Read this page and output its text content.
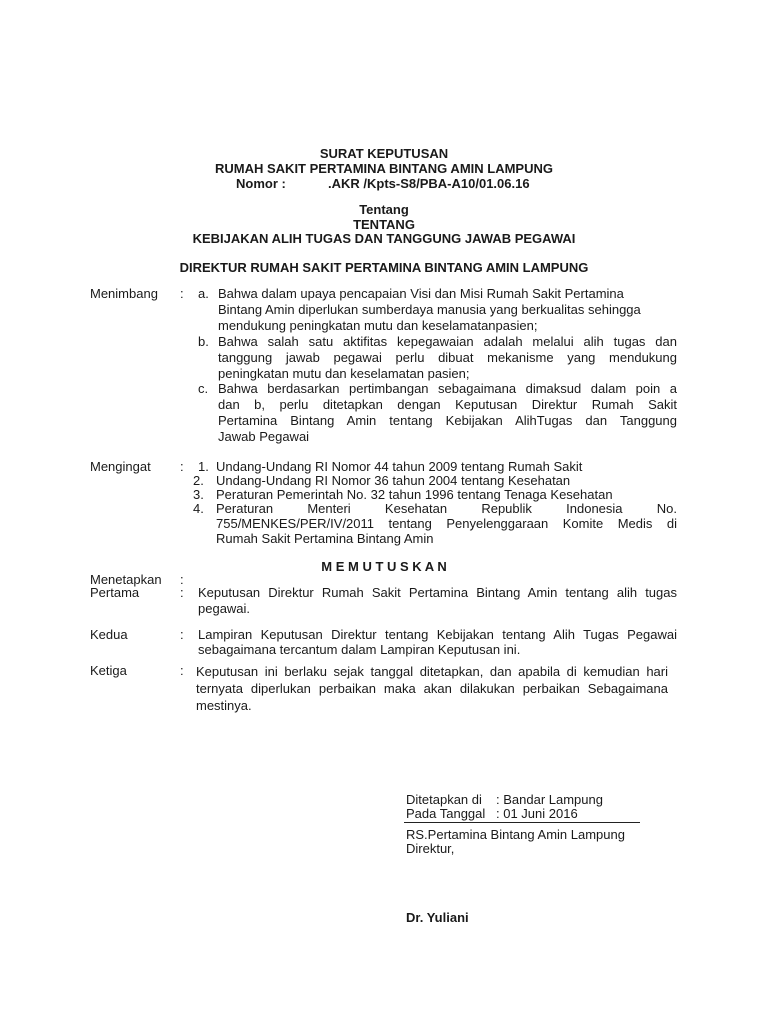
SURAT KEPUTUSAN
RUMAH SAKIT PERTAMINA BINTANG AMIN LAMPUNG
Nomor :	.AKR /Kpts-S8/PBA-A10/01.06.16
Tentang
TENTANG
KEBIJAKAN ALIH TUGAS DAN TANGGUNG JAWAB PEGAWAI
DIREKTUR RUMAH SAKIT PERTAMINA BINTANG AMIN LAMPUNG
Menimbang : a. Bahwa dalam upaya pencapaian Visi dan Misi Rumah Sakit Pertamina
Bintang Amin diperlukan sumberdaya manusia yang berkualitas sehingga
mendukung peningkatan mutu dan keselamatanpasien;
b. Bahwa salah satu aktifitas kepegawaian adalah melalui alih tugas dan
tanggung jawab pegawai perlu dibuat mekanisme yang mendukung
peningkatan mutu dan keselamatan pasien;
c. Bahwa berdasarkan pertimbangan sebagaimana dimaksud dalam poin a
dan b, perlu ditetapkan dengan Keputusan Direktur Rumah Sakit
Pertamina Bintang Amin tentang Kebijakan AlihTugas dan Tanggung
Jawab Pegawai
Mengingat : 1. Undang-Undang RI Nomor 44 tahun 2009 tentang Rumah Sakit
2. Undang-Undang RI Nomor 36 tahun 2004 tentang Kesehatan
3. Peraturan Pemerintah No. 32 tahun 1996 tentang Tenaga Kesehatan
4. Peraturan Menteri Kesehatan Republik Indonesia No.
755/MENKES/PER/IV/2011 tentang Penyelenggaraan Komite Medis di
Rumah Sakit Pertamina Bintang Amin
M E M U T U S K A N
Menetapkan :
Pertama	: Keputusan Direktur Rumah Sakit Pertamina Bintang Amin tentang alih tugas
pegawai.
Kedua	: Lampiran Keputusan Direktur tentang Kebijakan tentang Alih Tugas Pegawai
sebagaimana tercantum dalam Lampiran Keputusan ini.
Ketiga	: Keputusan ini berlaku sejak tanggal ditetapkan, dan apabila di kemudian hari
ternyata diperlukan perbaikan maka akan dilakukan perbaikan Sebagaimana
mestinya.
Ditetapkan di : Bandar Lampung
Pada Tanggal : 01 Juni 2016
RS.Pertamina Bintang Amin Lampung
Direktur,
Dr. Yuliani
